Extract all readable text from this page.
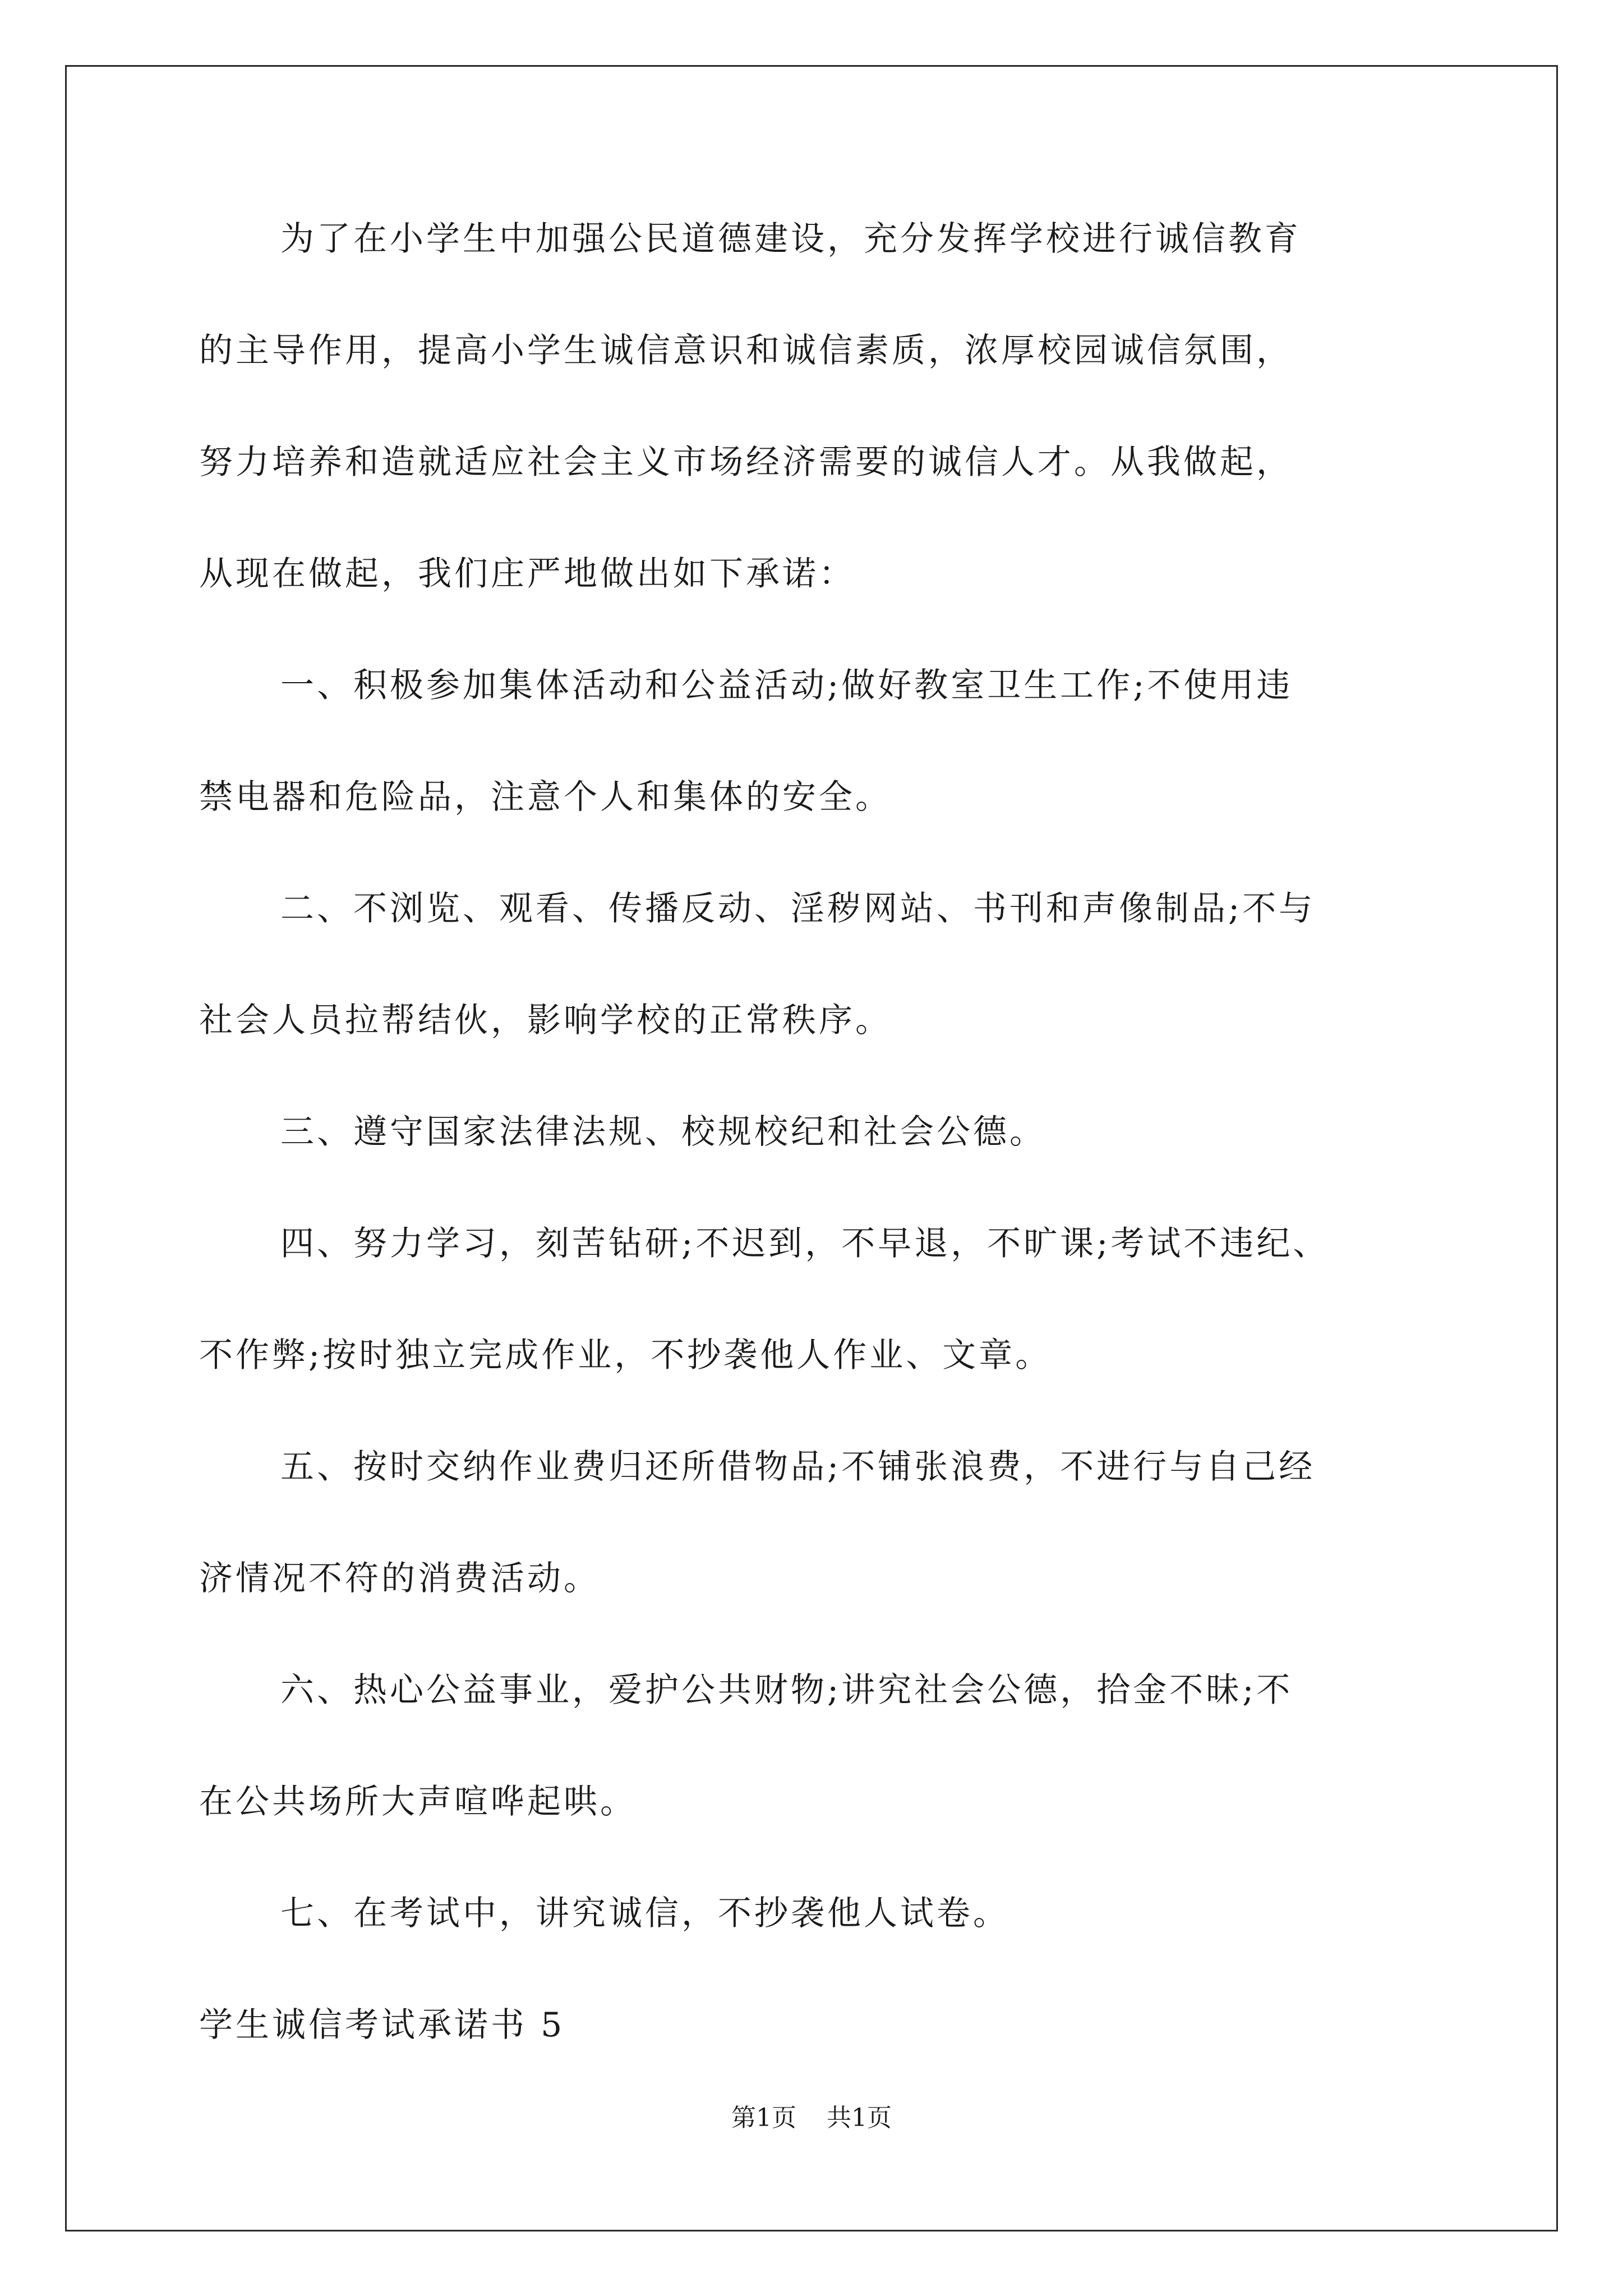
为了在小学生中加强公民道德建设，充分发挥学校进行诚信教育

的主导作用，提高小学生诚信意识和诚信素质，浓厚校园诚信氛围，

努力培养和造就适应社会主义市场经济需要的诚信人才。从我做起，

从现在做起，我们庄严地做出如下承诺：

一、积极参加集体活动和公益活动;做好教室卫生工作;不使用违

禁电器和危险品，注意个人和集体的安全。

二、不浏览、观看、传播反动、淫秽网站、书刊和声像制品;不与

社会人员拉帮结伙，影响学校的正常秩序。

三、遵守国家法律法规、校规校纪和社会公德。

四、努力学习，刻苦钻研;不迟到，不早退，不旷课;考试不违纪、

不作弊;按时独立完成作业，不抄袭他人作业、文章。

五、按时交纳作业费归还所借物品;不铺张浪费，不进行与自己经

济情况不符的消费活动。

六、热心公益事业，爱护公共财物;讲究社会公德，拾金不昧;不

在公共场所大声喧哗起哄。

七、在考试中，讲究诚信，不抄袭他人试卷。

学生诚信考试承诺书 5

第1页 共1页
